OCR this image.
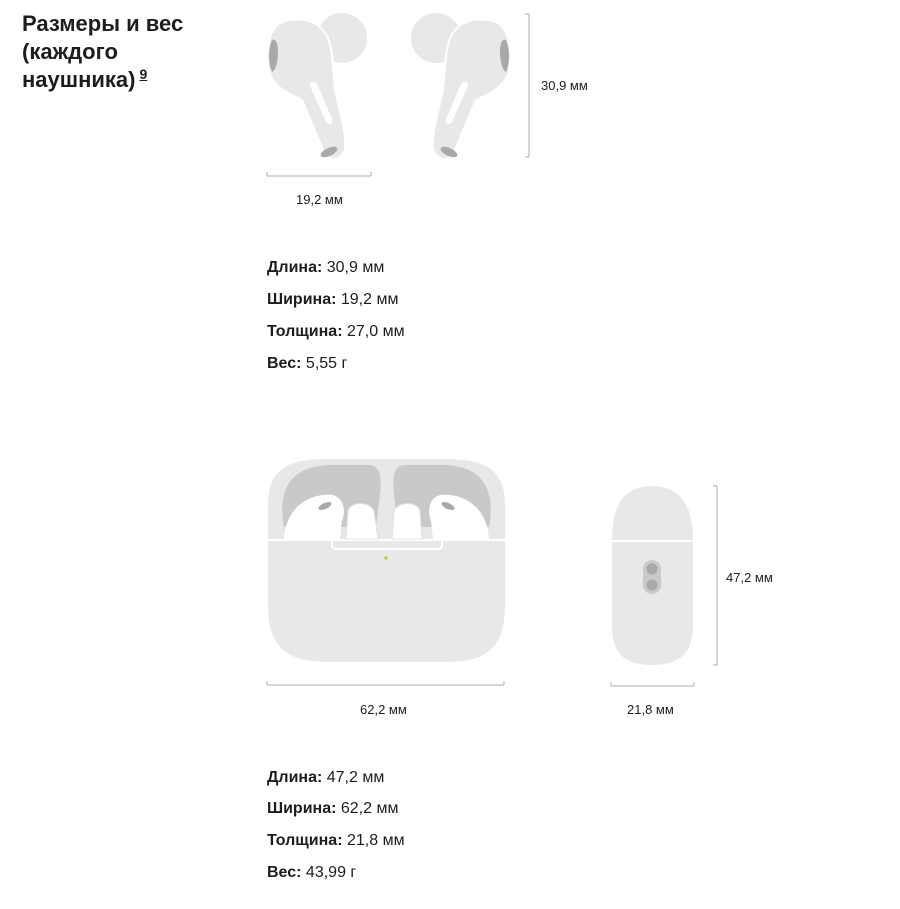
Размеры и вес (каждого наушника) $^9$
19,2 мм
30,9 мм
Длина: 30,9 мм
Ширина: 19,2 мм
Толщина: 27,0 мм
Вес: 5,55 г
62,2 мм	21,8 мм
47,2 мм
Длина: 47,2 мм
Ширина: 62,2 мм
Толщина: 21,8 мм
Вес: 43,99 г
